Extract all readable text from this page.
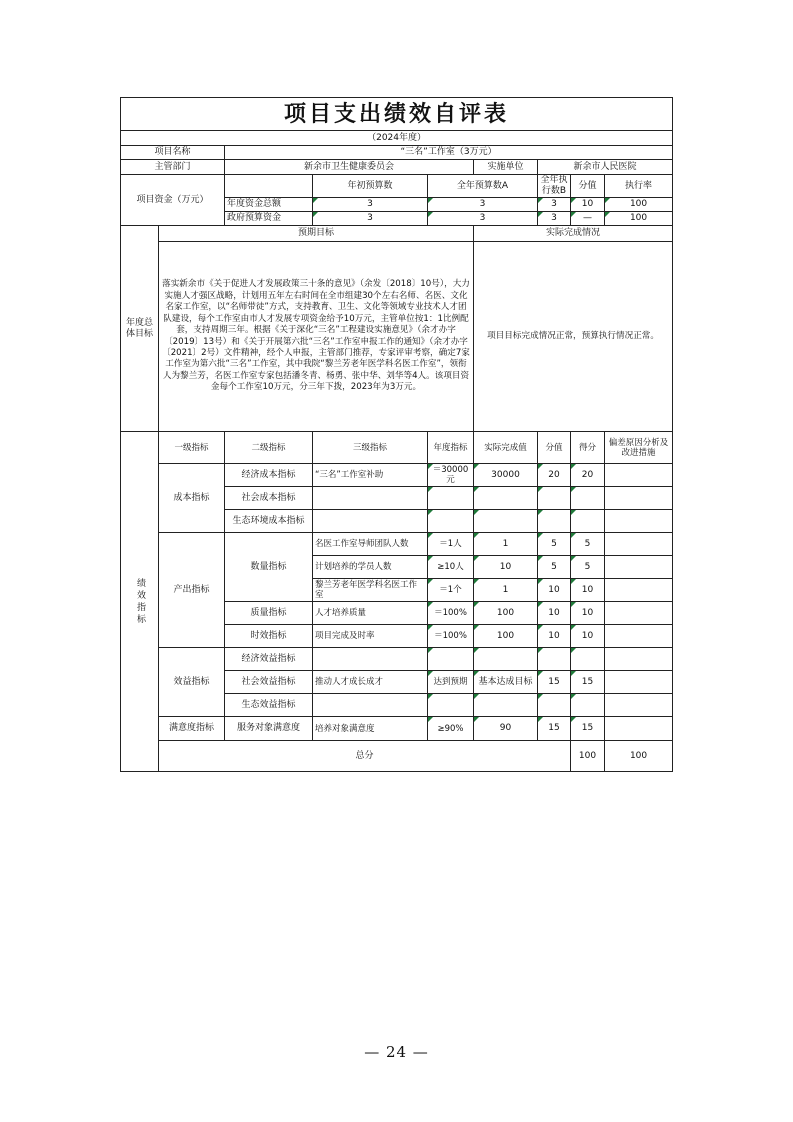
项目支出绩效自评表									
（2024年度）									
项目名称		“三名”工作室（3万元）							
主管部门		新余市卫生健康委员会			实施单位	新余市人民医院			
项目资金（万元）			年初预算数	全年预算数A		全年执行数B	分值	执行率	
		年度资金总额	3	3		3	10	100	
		政府预算资金	3	3		3	—	100	
年度总体目标	预期目标				实际完成情况				
	落实新余市《关于促进人才发展政策三十条的意见》（余发〔2018〕10号），大力实施人才强区战略，计划用五年左右时间在全市组建30个左右名师、名医、文化名家工作室，以“名师带徒”方式，支持教育、卫生、文化等领域专业技术人才团队建设，每个工作室由市人才发展专项资金给予10万元，主管单位按1：1比例配套，支持周期三年。根据《关于深化“三名”工程建设实施意见》（余才办字〔2019〕13号）和《关于开展第六批“三名”工作室申报工作的通知》（余才办字〔2021〕2号）文件精神，经个人申报，主管部门推荐，专家评审考察，确定7家工作室为第六批“三名”工作室，其中我院“黎兰芳老年医学科名医工作室”，领衔人为黎兰芳，名医工作室专家包括潘冬青、杨勇、张中华、刘华等4人。该项目资金每个工作室10万元，分三年下拨，2023年为3万元。				项目目标完成情况正常，预算执行情况正常。				
绩效指标	一级指标	二级指标	三级指标	年度指标	实际完成值	分值	得分	偏差原因分析及改进措施	
	成本指标	经济成本指标	“三名”工作室补助	＝30000元	30000	20	20		
		社会成本指标							
		生态环境成本指标							
	产出指标	数量指标	名医工作室导师团队人数	＝1人	1	5	5		
			计划培养的学员人数	≥10人	10	5	5		
			黎兰芳老年医学科名医工作室	＝1个	1	10	10		
		质量指标	人才培养质量	＝100%	100	10	10		
		时效指标	项目完成及时率	＝100%	100	10	10		
	效益指标	经济效益指标							
		社会效益指标	推动人才成长成才	达到预期	基本达成目标	15	15		
		生态效益指标							
	满意度指标	服务对象满意度	培养对象满意度	≥90%	90	15	15		
	总分						100	100	
— 24 —
